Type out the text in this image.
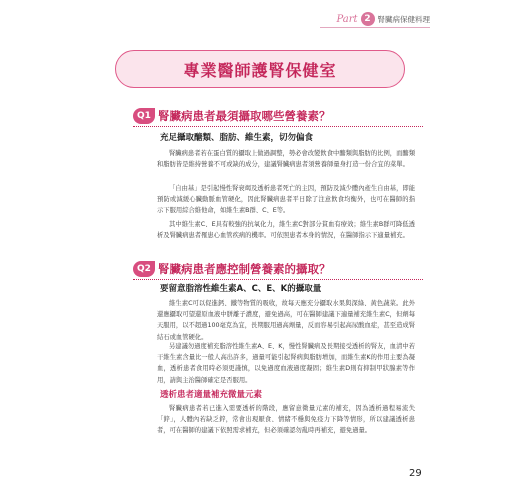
Part 2 腎臟病保健料理
專業醫師護腎保健室
Q1 腎臟病患者最須攝取哪些營養素？
充足攝取醣類、脂肪、維生素，切勿偏食

腎臟病患者若在蛋白質的攝取上做過調整，勢必會改變飲食中醣類與脂肪的比例，而醣類和脂肪皆是維持營養不可或缺的成分，建議腎臟病患者須營養師量身打造一份合宜的菜單。

「自由基」是引起慢性腎衰竭及透析患者死亡的主因，預防及減少體內產生自由基，即能預防或減緩心臟動脈血管硬化，因此腎臟病患者平日除了注意飲食均衡外，也可在醫師的指示下服用綜合維他命，如維生素B群、C、E等。

其中維生素C、E具有較強的抗氧化力，維生素C對部分貧血有療效；維生素B群可降低透析及腎臟病患者罹患心血管疾病的機率。可依照患者本身的情況，在醫師指示下適量補充。

Q2 腎臟病患者應控制營養素的攝取？
要留意脂溶性維生素A、C、E、K的攝取量

維生素C可以促進鈣、鐵等物質的吸收，故每天應充分攝取水果與深綠、黃色蔬菜。此外還應攝取可望還原血液中胼離子濃度，避免過高，可在醫師建議下適量補充維生素C，但劑每天服用，以不超過100毫克為宜，長期服用過高劑量，反而容易引起高尿酸血症，甚至造成腎結石或血管硬化。

另建議勿過度補充脂溶性維生素A、E、K，慢性腎臟病及長期接受透析的腎友，血清中若干維生素含量比一般人高出許多，過量可能引起腎病與脂肪增加，而維生素K的作用主要為凝血，透析患者食用時必須更謹慎，以免過度血液過度凝固；維生素D則有抑制甲狀腺素等作用，請與主治醫師確定是否服用。

透析患者適量補充微量元素

腎臟病患者若已進入需要透析的階段，應留意微量元素的補充，因為透析過程易流失「鋅」，人體內若缺乏鋅，常會出現厭食、情緒不穩與免疫力下降等情形，所以建議透析患者，可在醫師的建議下依照需求補充，但必須確認勿亂時再補充，避免過量。

29
